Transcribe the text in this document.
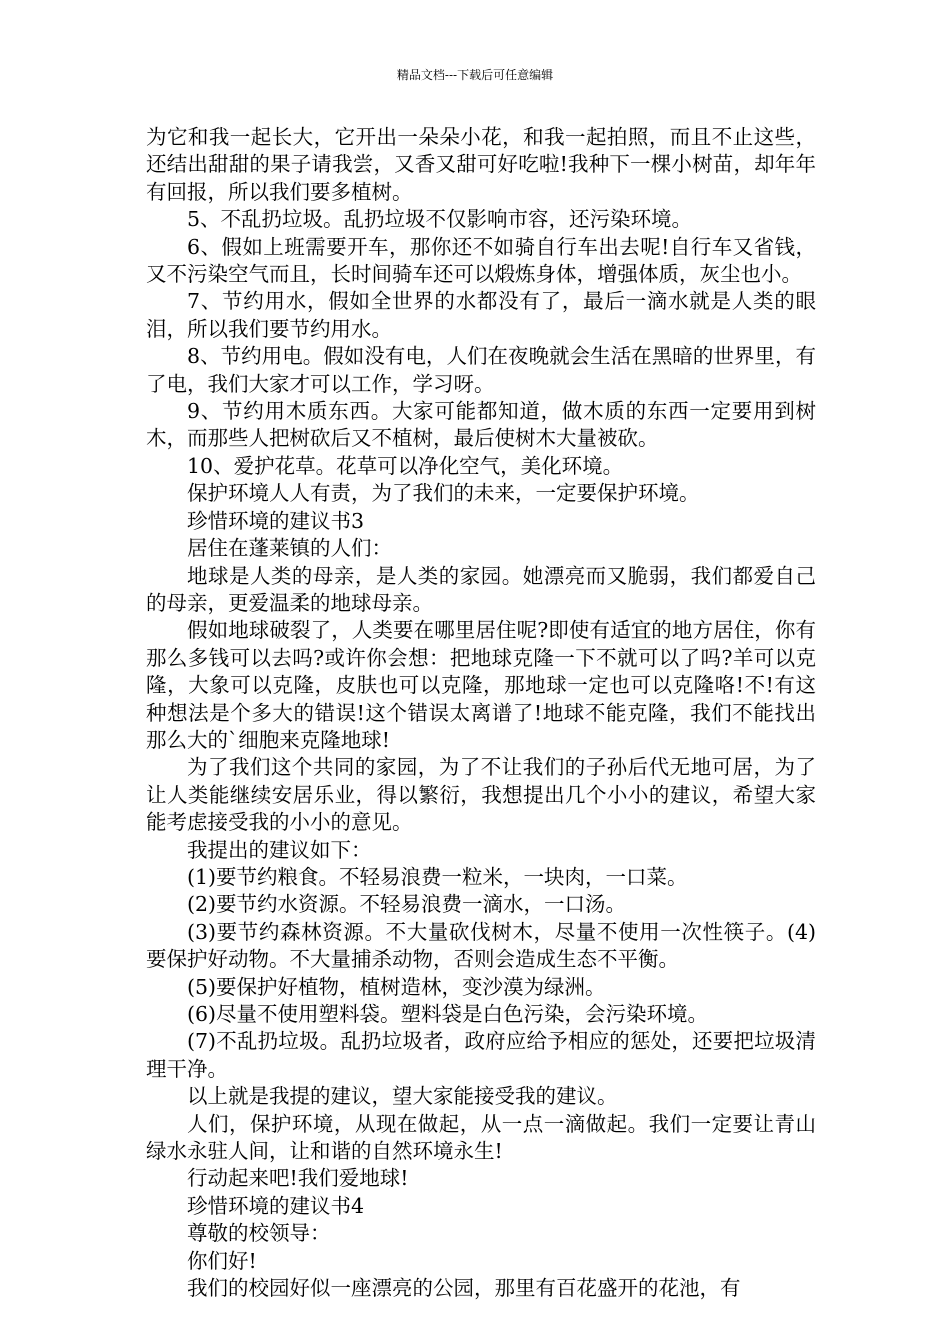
精品文档---下载后可任意编辑

为它和我一起长大，它开出一朵朵小花，和我一起拍照，而且不止这些，还结出甜甜的果子请我尝，又香又甜可好吃啦!我种下一棵小树苗，却年年有回报，所以我们要多植树。

5、不乱扔垃圾。乱扔垃圾不仅影响市容，还污染环境。

6、假如上班需要开车，那你还不如骑自行车出去呢!自行车又省钱，又不污染空气而且，长时间骑车还可以煅炼身体，增强体质，灰尘也小。

7、节约用水，假如全世界的水都没有了，最后一滴水就是人类的眼泪，所以我们要节约用水。

8、节约用电。假如没有电，人们在夜晚就会生活在黑暗的世界里，有了电，我们大家才可以工作，学习呀。

9、节约用木质东西。大家可能都知道，做木质的东西一定要用到树木，而那些人把树砍后又不植树，最后使树木大量被砍。

10、爱护花草。花草可以净化空气，美化环境。

保护环境人人有责，为了我们的未来，一定要保护环境。

珍惜环境的建议书3

居住在蓬莱镇的人们：

地球是人类的母亲，是人类的家园。她漂亮而又脆弱，我们都爱自己的母亲，更爱温柔的地球母亲。

假如地球破裂了，人类要在哪里居住呢?即使有适宜的地方居住，你有那么多钱可以去吗?或许你会想：把地球克隆一下不就可以了吗?羊可以克隆，大象可以克隆，皮肤也可以克隆，那地球一定也可以克隆咯!不!有这种想法是个多大的错误!这个错误太离谱了!地球不能克隆，我们不能找出那么大的`细胞来克隆地球!

为了我们这个共同的家园，为了不让我们的子孙后代无地可居，为了让人类能继续安居乐业，得以繁衍，我想提出几个小小的建议，希望大家能考虑接受我的小小的意见。

我提出的建议如下：

(1)要节约粮食。不轻易浪费一粒米，一块肉，一口菜。

(2)要节约水资源。不轻易浪费一滴水，一口汤。

(3)要节约森林资源。不大量砍伐树木，尽量不使用一次性筷子。(4)要保护好动物。不大量捕杀动物，否则会造成生态不平衡。

(5)要保护好植物，植树造林，变沙漠为绿洲。

(6)尽量不使用塑料袋。塑料袋是白色污染，会污染环境。

(7)不乱扔垃圾。乱扔垃圾者，政府应给予相应的惩处，还要把垃圾清理干净。

以上就是我提的建议，望大家能接受我的建议。

人们，保护环境，从现在做起，从一点一滴做起。我们一定要让青山绿水永驻人间，让和谐的自然环境永生!

行动起来吧!我们爱地球!

珍惜环境的建议书4

尊敬的校领导：

你们好!

我们的校园好似一座漂亮的公园，那里有百花盛开的花池，有
